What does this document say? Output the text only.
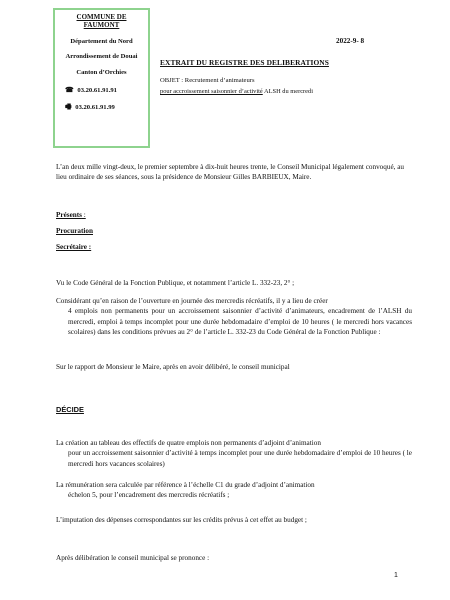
COMMUNE DE FAUMONT
Département du Nord
Arrondissement de Douai
Canton d’Orchies
☎ 03.20.61.91.91
🖷 03.20.61.91.99
2022-9- 8
EXTRAIT DU REGISTRE DES DELIBERATIONS
OBJET : Recrutement d’animateurs
pour accroissement saisonnier d’activité ALSH du mercredi
L’an deux mille vingt-deux, le premier septembre à dix-huit heures trente, le Conseil Municipal légalement convoqué, au lieu ordinaire de ses séances, sous la présidence de Monsieur Gilles BARBIEUX, Maire.
Présents :
Procuration
Secrétaire :
Vu le Code Général de la Fonction Publique, et notamment l’article L. 332-23, 2° ;
Considérant qu’en raison de l’ouverture en journée des mercredis récréatifs, il y a lieu de créer
4 emplois non permanents pour un accroissement saisonnier d’activité d’animateurs, encadrement de l’ALSH du mercredi, emploi à temps incomplet pour une durée hebdomadaire d’emploi de 10 heures ( le mercredi hors vacances scolaires) dans les conditions prévues au 2° de l’article L. 332-23 du Code Général de la Fonction Publique :
Sur le rapport de Monsieur le Maire, après en avoir délibéré, le conseil municipal
DÉCIDE
La création au tableau des effectifs de quatre emplois non permanents d’adjoint d’animation
pour un accroissement saisonnier d’activité à temps incomplet pour une durée hebdomadaire d’emploi de 10 heures ( le mercredi hors vacances scolaires)
La rémunération sera calculée par référence à l’échelle C1 du grade d’adjoint d’animation
échelon 5, pour l’encadrement des mercredis récréatifs ;
L’imputation des dépenses correspondantes sur les crédits prévus à cet effet au budget ;
Après délibération le conseil municipal se prononce :
1
